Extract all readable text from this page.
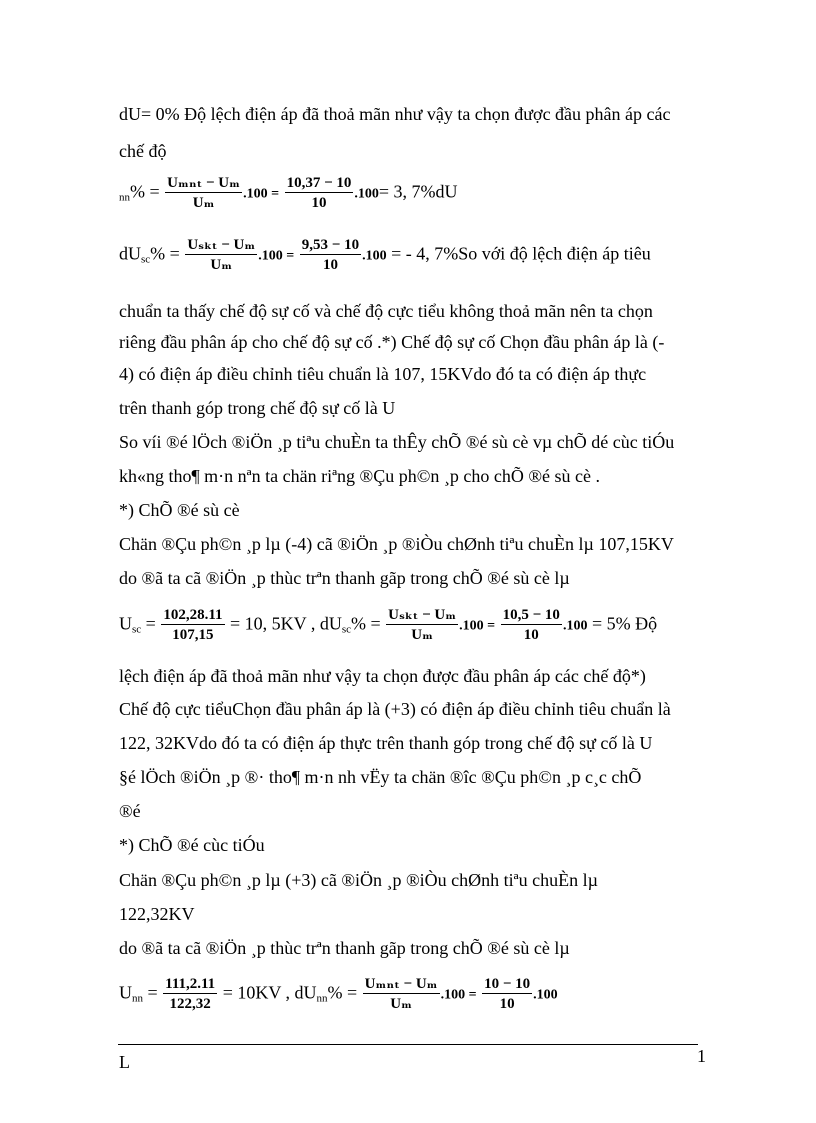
dU= 0% Độ lệch điện áp đã thoả mãn như vậy ta chọn được đầu phân áp các
chế độ
$_{nn}\% = \frac{\text{Uₘₙₜ − Uₘ}}{\text{Uₘ}} .100 = \frac{10,37 - 10}{10} .100= 3$, 7%dU
$dU_{sc}\% = \frac{\text{Uₛₖₜ − Uₘ}}{\text{Uₘ}} .100 = \frac{9,53 - 10}{10} .100$ = - 4, 7%So với độ lệch điện áp tiêu
chuẩn ta thấy chế độ sự cố và chế độ cực tiểu không thoả mãn nên ta chọn
riêng đầu phân áp cho chế độ sự cố .*) Chế độ sự cố Chọn đầu phân áp là (-
4) có điện áp điều chỉnh tiêu chuẩn là 107, 15KVdo đó ta có điện áp thực
trên thanh góp trong chế độ sự cố là U
So víi ®é lÖch ®iÖn ¸p tiªu chuÈn ta thÊy chÕ ®é sù cè vµ chÕ dé cùc tiÓu
kh«ng tho¶ m·n nªn ta chän riªng ®Çu ph©n ¸p cho chÕ ®é sù cè .
*) ChÕ ®é sù cè
Chän ®Çu ph©n ¸p lµ (-4) cã ®iÖn ¸p ®iÒu chØnh tiªu chuÈn lµ 107,15KV
do ®ã ta cã ®iÖn ¸p thùc trªn thanh gãp trong chÕ ®é sù cè lµ
$U_{sc} = \frac{102,28.11}{107,15} = 10$, 5KV , $dU_{sc}\% = \frac{\text{Uₛₖₜ − Uₘ}}{\text{Uₘ}} .100 = \frac{10,5 - 10}{10} .100 = 5\%$ Độ
lệch điện áp đã thoả mãn như vậy ta chọn được đầu phân áp các chế độ*)
Chế độ cực tiểuChọn đầu phân áp là (+3) có điện áp điều chỉnh tiêu chuẩn là
122, 32KVdo đó ta có điện áp thực trên thanh góp trong chế độ sự cố là U
§é lÖch ®iÖn ¸p ®· tho¶ m·n nh vËy ta chän ®îc ®Çu ph©n ¸p c¸c chÕ
®é
*) ChÕ ®é cùc tiÓu
Chän ®Çu ph©n ¸p lµ (+3) cã ®iÖn ¸p ®iÒu chØnh tiªu chuÈn lµ
122,32KV
do ®ã ta cã ®iÖn ¸p thùc trªn thanh gãp trong chÕ ®é sù cè lµ
$U_{nn} = \frac{111,2.11}{122,32} = 10KV$ , $dU_{nn}\% = \frac{\text{Uₘₙₜ − Uₘ}}{\text{Uₘ}} .100 = \frac{10 - 10}{10} .100$
L	1
